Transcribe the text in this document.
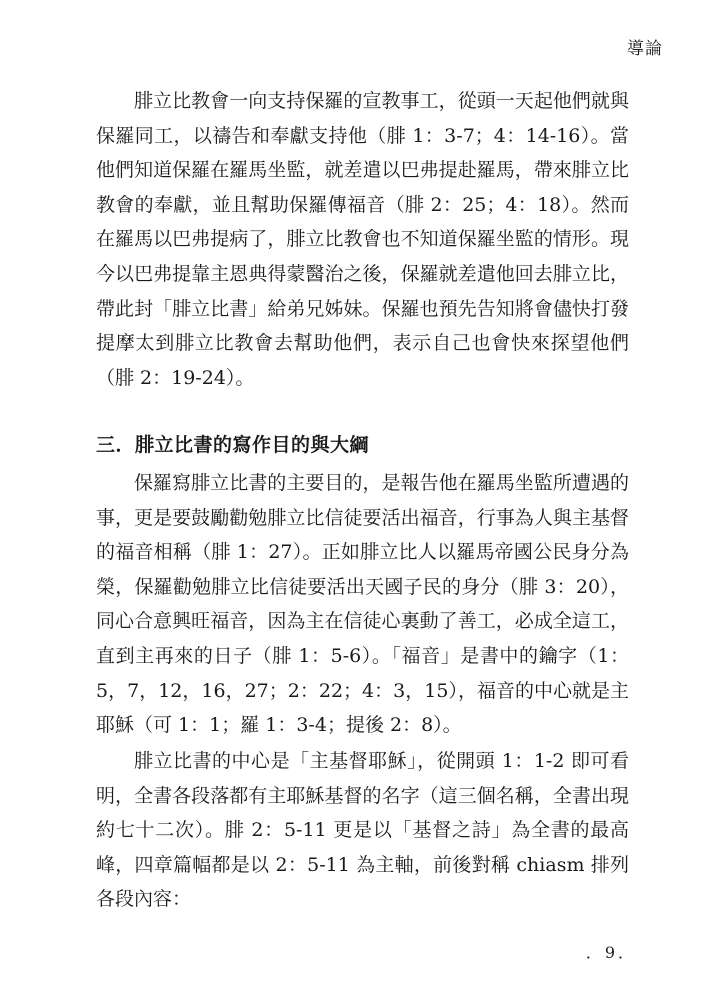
導論

腓立比教會一向支持保羅的宣教事工，從頭一天起他們就與保羅同工，以禱告和奉獻支持他（腓 1：3-7；4：14-16）。當他們知道保羅在羅馬坐監，就差遣以巴弗提赴羅馬，帶來腓立比教會的奉獻，並且幫助保羅傳福音（腓 2：25；4：18）。然而在羅馬以巴弗提病了，腓立比教會也不知道保羅坐監的情形。現今以巴弗提靠主恩典得蒙醫治之後，保羅就差遣他回去腓立比，帶此封「腓立比書」給弟兄姊妹。保羅也預先告知將會儘快打發提摩太到腓立比教會去幫助他們，表示自己也會快來探望他們（腓 2：19-24）。

三．腓立比書的寫作目的與大綱

保羅寫腓立比書的主要目的，是報告他在羅馬坐監所遭遇的事，更是要鼓勵勸勉腓立比信徒要活出福音，行事為人與主基督的福音相稱（腓 1：27）。正如腓立比人以羅馬帝國公民身分為榮，保羅勸勉腓立比信徒要活出天國子民的身分（腓 3：20），同心合意興旺福音，因為主在信徒心裏動了善工，必成全這工，直到主再來的日子（腓 1：5-6）。「福音」是書中的鑰字（1：5，7，12，16，27；2：22；4：3，15），福音的中心就是主耶穌（可 1：1；羅 1：3-4；提後 2：8）。

腓立比書的中心是「主基督耶穌」，從開頭 1：1-2 即可看明，全書各段落都有主耶穌基督的名字（這三個名稱，全書出現約七十二次）。腓 2：5-11 更是以「基督之詩」為全書的最高峰，四章篇幅都是以 2：5-11 為主軸，前後對稱 chiasm 排列各段內容：

．9．
